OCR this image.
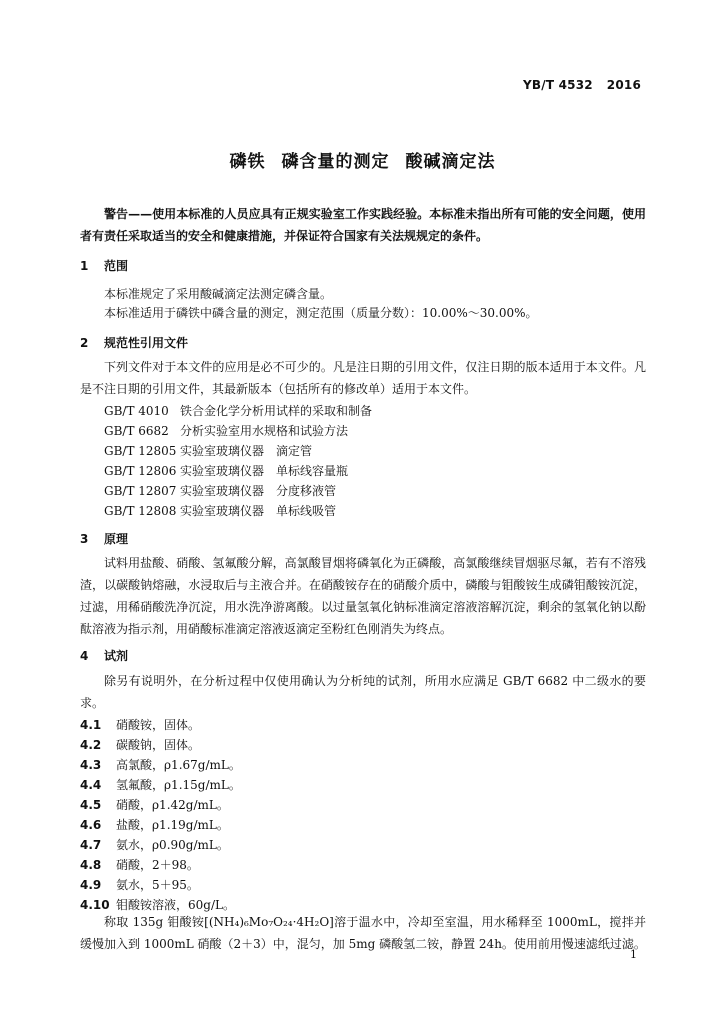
YB/T 4532 2016
磷铁 磷含量的测定 酸碱滴定法
警告——使用本标准的人员应具有正规实验室工作实践经验。本标准未指出所有可能的安全问题，使用者有责任采取适当的安全和健康措施，并保证符合国家有关法规规定的条件。
1 范围
本标准规定了采用酸碱滴定法测定磷含量。
本标准适用于磷铁中磷含量的测定，测定范围（质量分数）：10.00%～30.00%。
2 规范性引用文件
下列文件对于本文件的应用是必不可少的。凡是注日期的引用文件，仅注日期的版本适用于本文件。凡是不注日期的引用文件，其最新版本（包括所有的修改单）适用于本文件。
GB/T 4010 铁合金化学分析用试样的采取和制备
GB/T 6682 分析实验室用水规格和试验方法
GB/T 12805 实验室玻璃仪器　滴定管
GB/T 12806 实验室玻璃仪器　单标线容量瓶
GB/T 12807 实验室玻璃仪器　分度移液管
GB/T 12808 实验室玻璃仪器　单标线吸管
3 原理
试料用盐酸、硝酸、氢氟酸分解，高氯酸冒烟将磷氧化为正磷酸，高氯酸继续冒烟驱尽氟，若有不溶残渣，以碳酸钠熔融，水浸取后与主液合并。在硝酸铵存在的硝酸介质中，磷酸与钼酸铵生成磷钼酸铵沉淀，过滤，用稀硝酸洗净沉淀，用水洗净游离酸。以过量氢氧化钠标准滴定溶液溶解沉淀，剩余的氢氧化钠以酚酞溶液为指示剂，用硝酸标准滴定溶液返滴定至粉红色刚消失为终点。
4 试剂
除另有说明外，在分析过程中仅使用确认为分析纯的试剂，所用水应满足 GB/T 6682 中二级水的要求。
4.1 硝酸铵，固体。
4.2 碳酸钠，固体。
4.3 高氯酸，ρ1.67g/mL。
4.4 氢氟酸，ρ1.15g/mL。
4.5 硝酸，ρ1.42g/mL。
4.6 盐酸，ρ1.19g/mL。
4.7 氨水，ρ0.90g/mL。
4.8 硝酸，2＋98。
4.9 氨水，5＋95。
4.10 钼酸铵溶液，60g/L。
称取 135g 钼酸铵[(NH₄)₆Mo₇O₂₄·4H₂O]溶于温水中，冷却至室温，用水稀释至 1000mL，搅拌并缓慢加入到 1000mL 硝酸（2＋3）中，混匀，加 5mg 磷酸氢二铵，静置 24h。使用前用慢速滤纸过滤。
1
